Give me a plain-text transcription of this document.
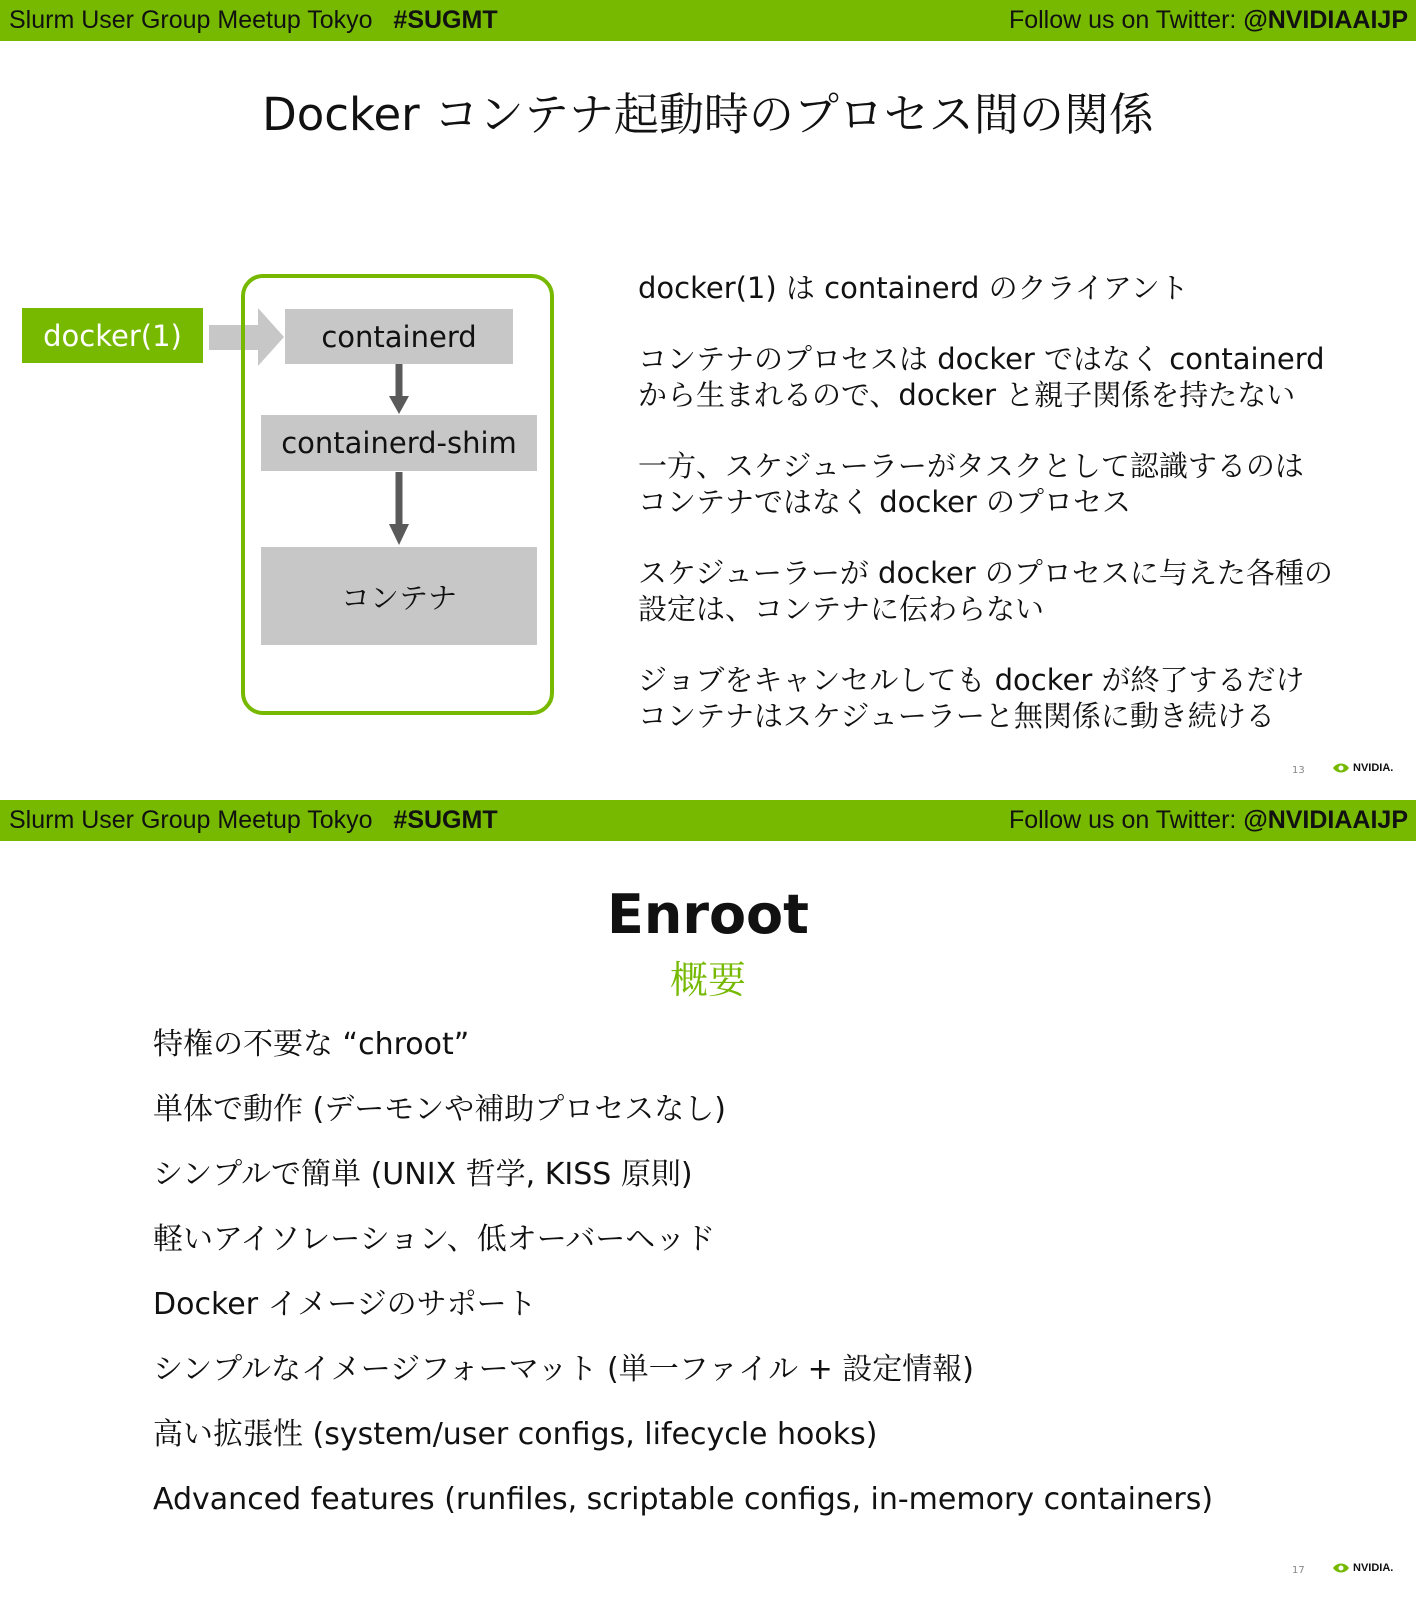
Slurm User Group Meetup Tokyo #SUGMT	Follow us on Twitter: @NVIDIAAIJP
Docker コンテナ起動時のプロセス間の関係
docker(1)	containerd
containerd-shim
コンテナ
docker(1) は containerd のクライアント
コンテナのプロセスは docker ではなく containerd
から生まれるので、docker と親子関係を持たない
一方、スケジューラーがタスクとして認識するのは
コンテナではなく docker のプロセス
スケジューラーが docker のプロセスに与えた各種の
設定は、コンテナに伝わらない
ジョブをキャンセルしても docker が終了するだけ
コンテナはスケジューラーと無関係に動き続ける
13	NVIDIA.
Slurm User Group Meetup Tokyo #SUGMT	Follow us on Twitter: @NVIDIAAIJP
Enroot
概要
特権の不要な “chroot”
単体で動作 (デーモンや補助プロセスなし)
シンプルで簡単 (UNIX 哲学, KISS 原則)
軽いアイソレーション、低オーバーヘッド
Docker イメージのサポート
シンプルなイメージフォーマット (単一ファイル + 設定情報)
高い拡張性 (system/user configs, lifecycle hooks)
Advanced features (runfiles, scriptable configs, in-memory containers)
17	NVIDIA.
